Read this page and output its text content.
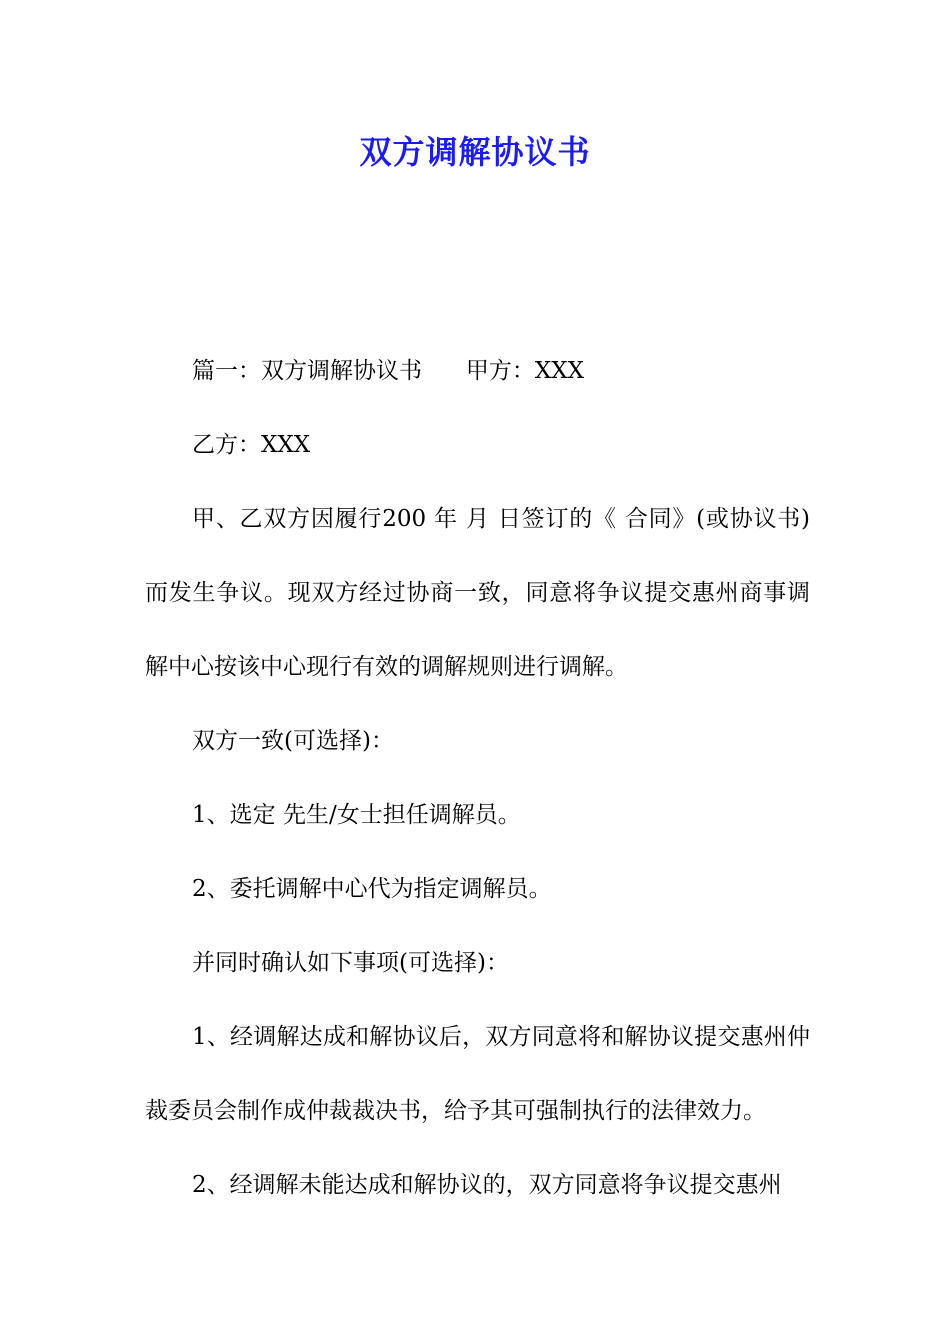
双方调解协议书

篇一：双方调解协议书      甲方：XXX

乙方：XXX

甲、乙双方因履行200 年 月 日签订的《 合同》(或协议书)而发生争议。现双方经过协商一致，同意将争议提交惠州商事调解中心按该中心现行有效的调解规则进行调解。

双方一致(可选择)：

1、选定 先生/女士担任调解员。

2、委托调解中心代为指定调解员。

并同时确认如下事项(可选择)：

1、经调解达成和解协议后，双方同意将和解协议提交惠州仲裁委员会制作成仲裁裁决书，给予其可强制执行的法律效力。

2、经调解未能达成和解协议的，双方同意将争议提交惠州
